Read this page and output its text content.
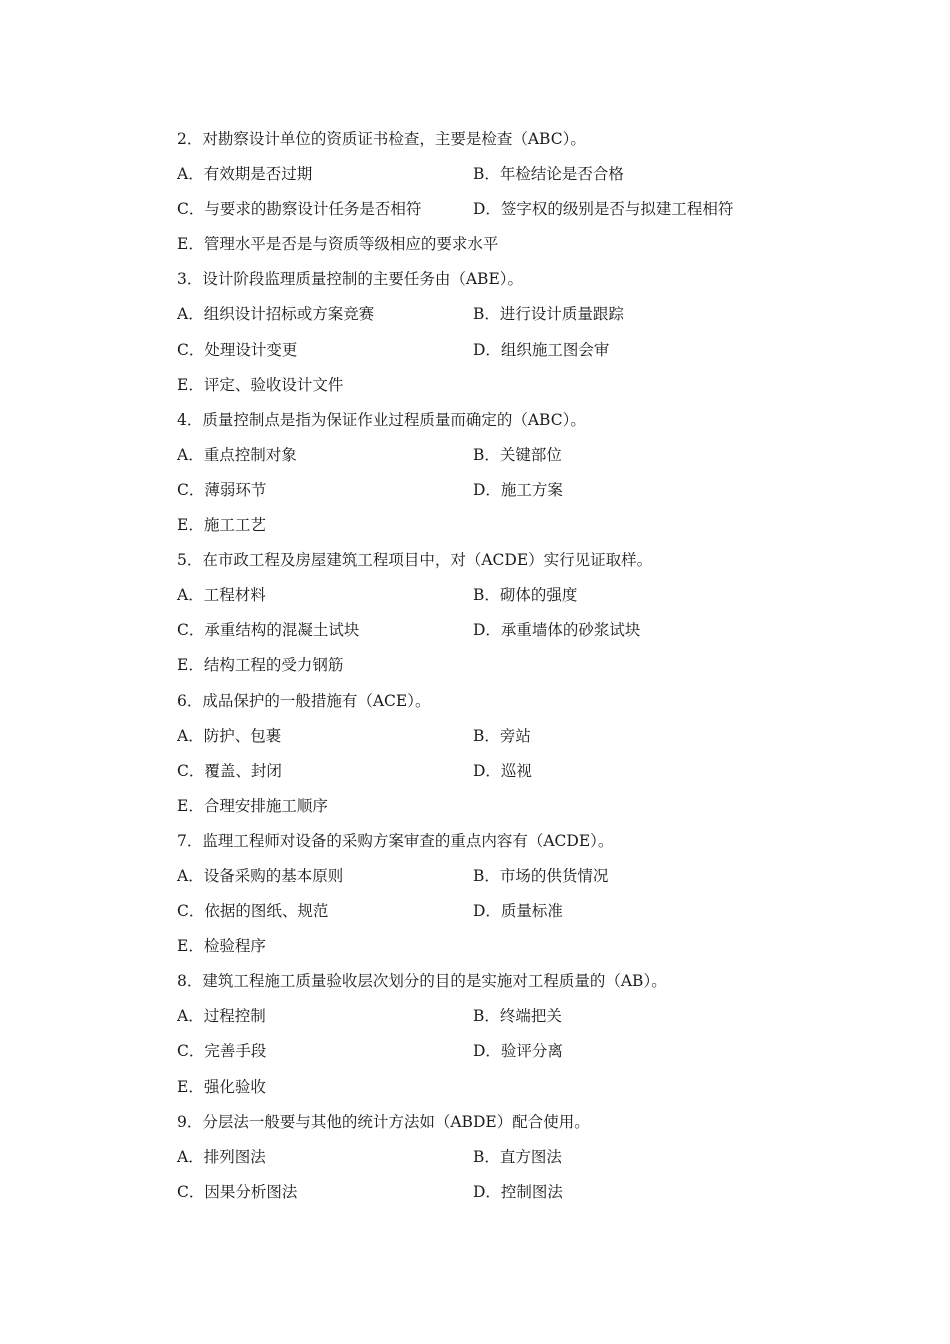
2．对勘察设计单位的资质证书检查，主要是检查（ABC）。
A．有效期是否过期	B．年检结论是否合格
C．与要求的勘察设计任务是否相符	D．签字权的级别是否与拟建工程相符
E．管理水平是否是与资质等级相应的要求水平
3．设计阶段监理质量控制的主要任务由（ABE）。
A．组织设计招标或方案竞赛	B．进行设计质量跟踪
C．处理设计变更	D．组织施工图会审
E．评定、验收设计文件
4．质量控制点是指为保证作业过程质量而确定的（ABC）。
A．重点控制对象	B．关键部位
C．薄弱环节	D．施工方案
E．施工工艺
5．在市政工程及房屋建筑工程项目中，对（ACDE）实行见证取样。
A．工程材料	B．砌体的强度
C．承重结构的混凝土试块	D．承重墙体的砂浆试块
E．结构工程的受力钢筋
6．成品保护的一般措施有（ACE）。
A．防护、包裹	B．旁站
C．覆盖、封闭	D．巡视
E．合理安排施工顺序
7．监理工程师对设备的采购方案审查的重点内容有（ACDE）。
A．设备采购的基本原则	B．市场的供货情况
C．依据的图纸、规范	D．质量标准
E．检验程序
8．建筑工程施工质量验收层次划分的目的是实施对工程质量的（AB）。
A．过程控制	B．终端把关
C．完善手段	D．验评分离
E．强化验收
9．分层法一般要与其他的统计方法如（ABDE）配合使用。
A．排列图法	B．直方图法
C．因果分析图法	D．控制图法
